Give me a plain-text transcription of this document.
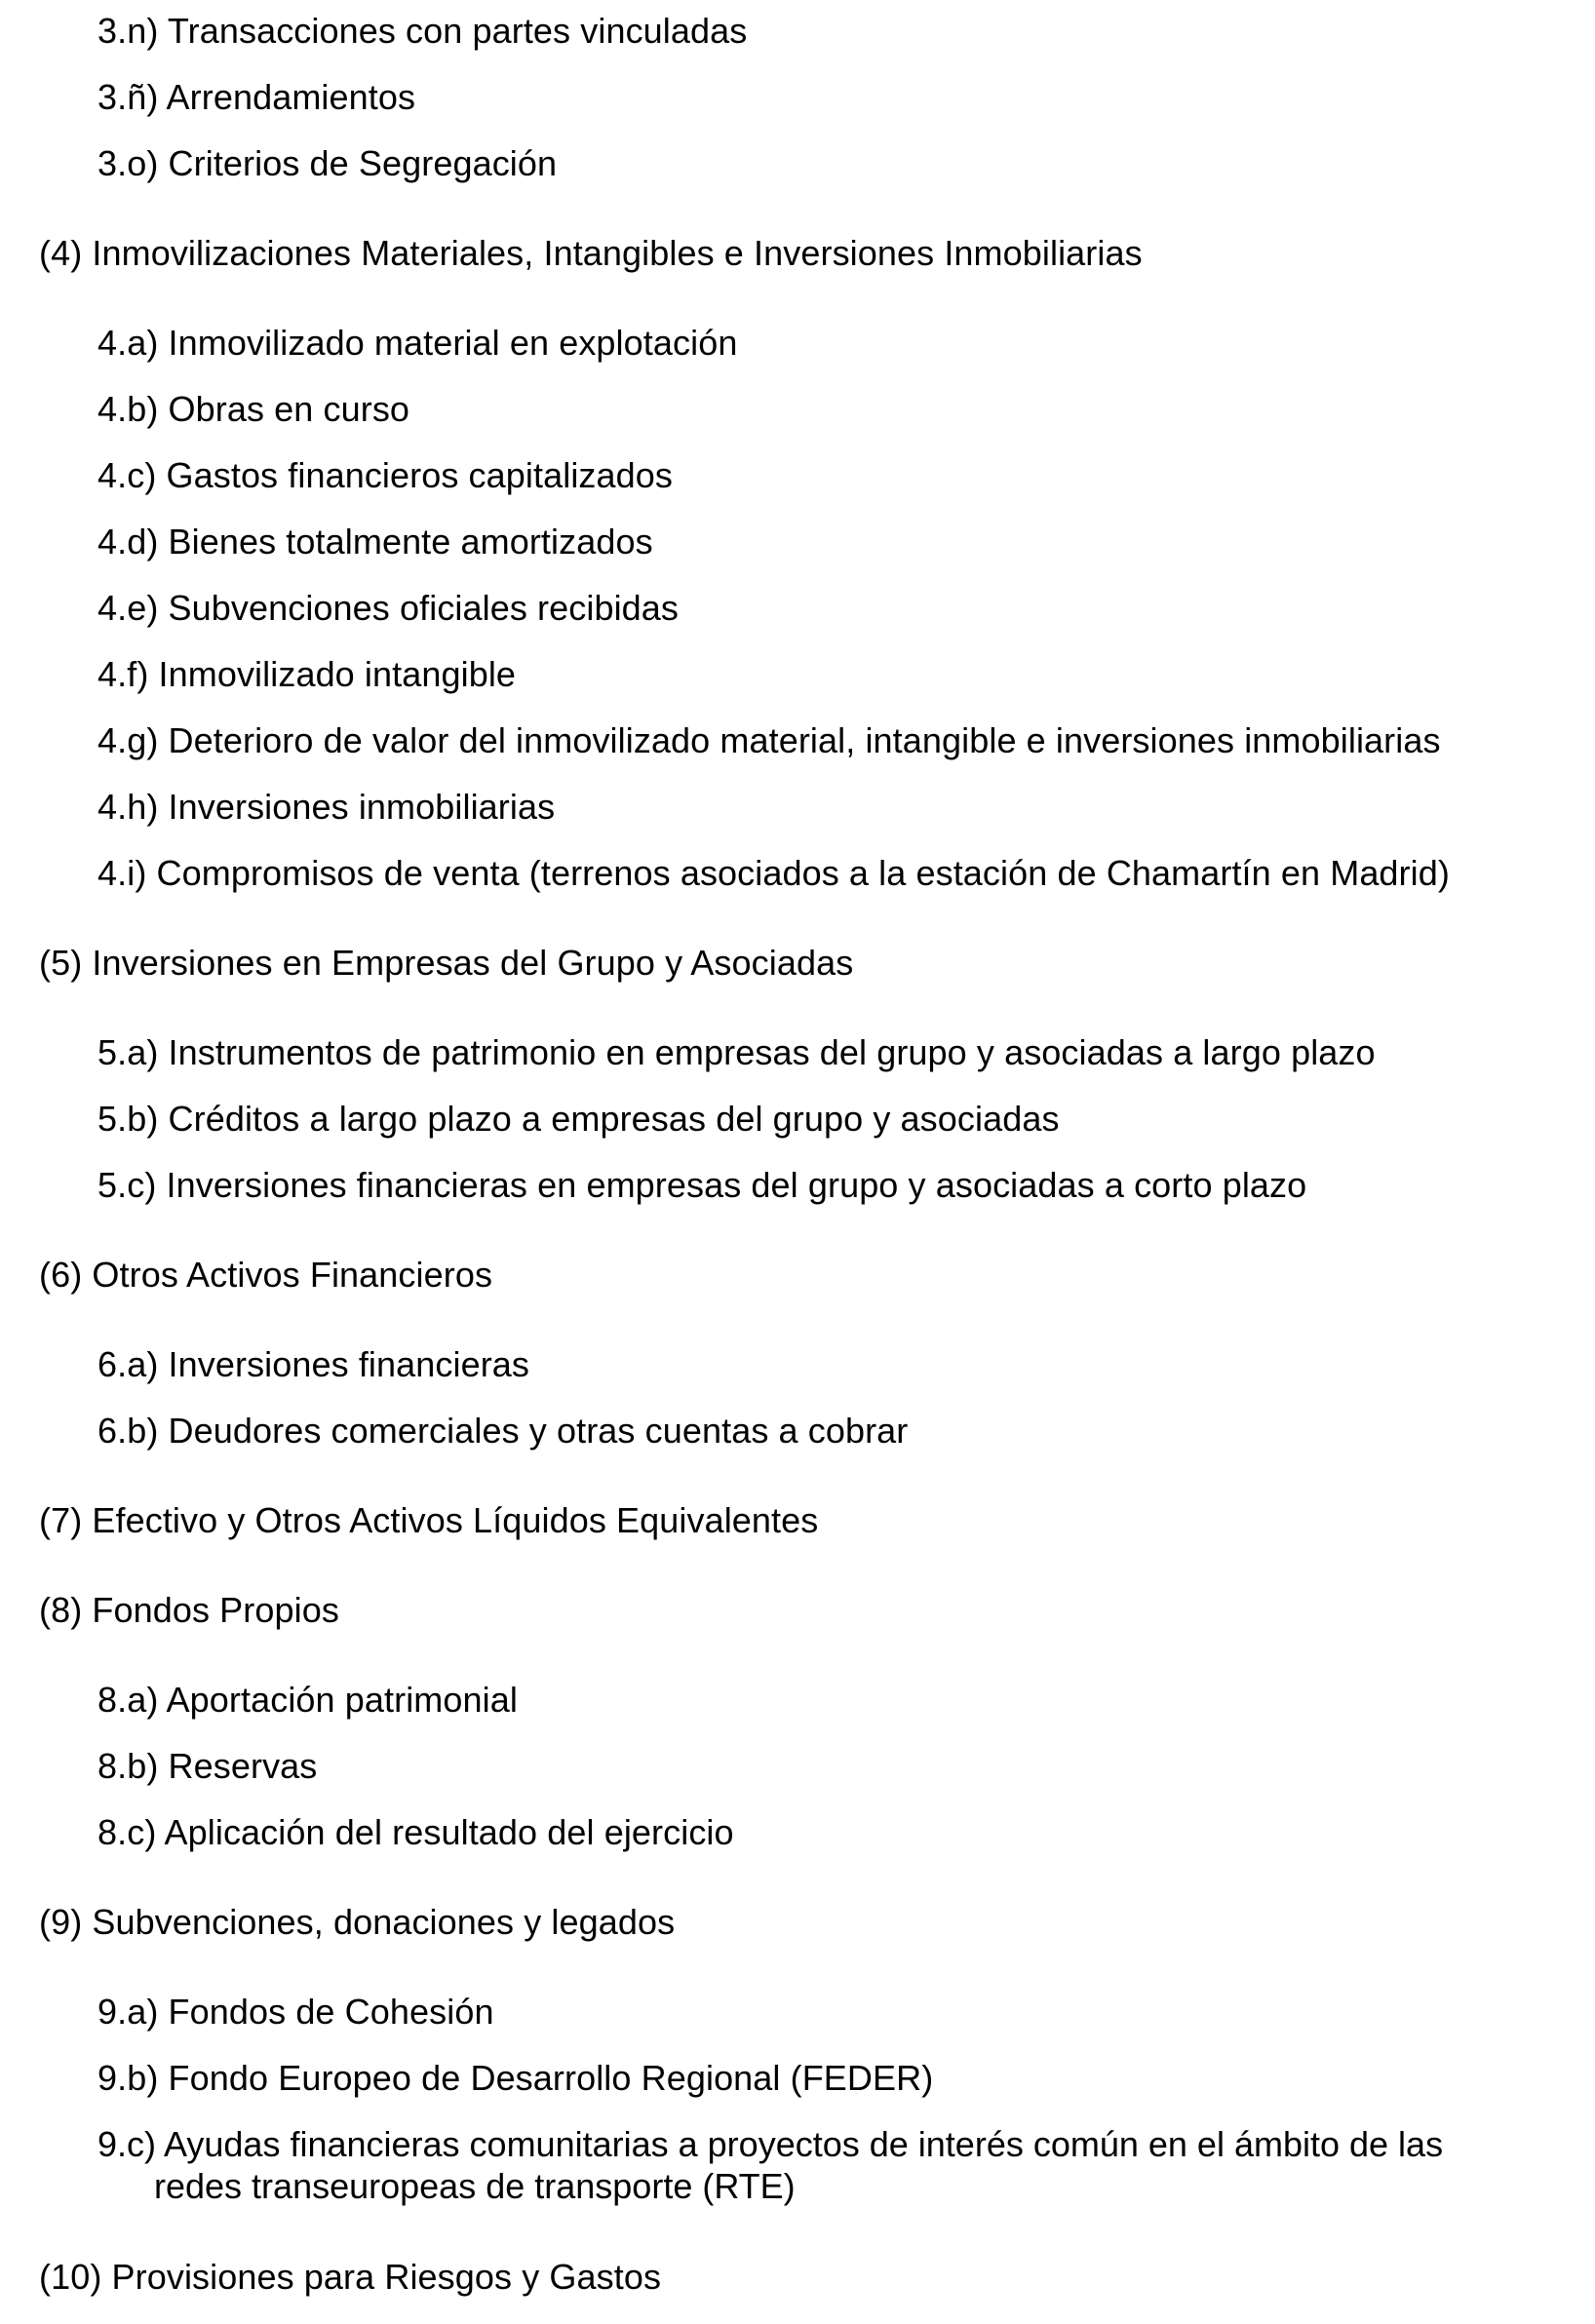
3.n) Transacciones con partes vinculadas
3.ñ) Arrendamientos
3.o) Criterios de Segregación
(4) Inmovilizaciones Materiales, Intangibles e Inversiones Inmobiliarias
4.a) Inmovilizado material en explotación
4.b) Obras en curso
4.c) Gastos financieros capitalizados
4.d) Bienes totalmente amortizados
4.e) Subvenciones oficiales recibidas
4.f) Inmovilizado intangible
4.g) Deterioro de valor del inmovilizado material, intangible e inversiones inmobiliarias
4.h) Inversiones inmobiliarias
4.i) Compromisos de venta (terrenos asociados a la estación de Chamartín en Madrid)
(5) Inversiones en Empresas del Grupo y Asociadas
5.a) Instrumentos de patrimonio en empresas del grupo y asociadas a largo plazo
5.b) Créditos a largo plazo a empresas del grupo y asociadas
5.c) Inversiones financieras en empresas del grupo y asociadas a corto plazo
(6) Otros Activos Financieros
6.a) Inversiones financieras
6.b) Deudores comerciales y otras cuentas a cobrar
(7) Efectivo y Otros Activos Líquidos Equivalentes
(8) Fondos Propios
8.a) Aportación patrimonial
8.b) Reservas
8.c) Aplicación del resultado del ejercicio
(9) Subvenciones, donaciones y legados
9.a) Fondos de Cohesión
9.b) Fondo Europeo de Desarrollo Regional (FEDER)
9.c) Ayudas financieras comunitarias a proyectos de interés común en el ámbito de las
redes transeuropeas de transporte (RTE)
(10) Provisiones para Riesgos y Gastos
